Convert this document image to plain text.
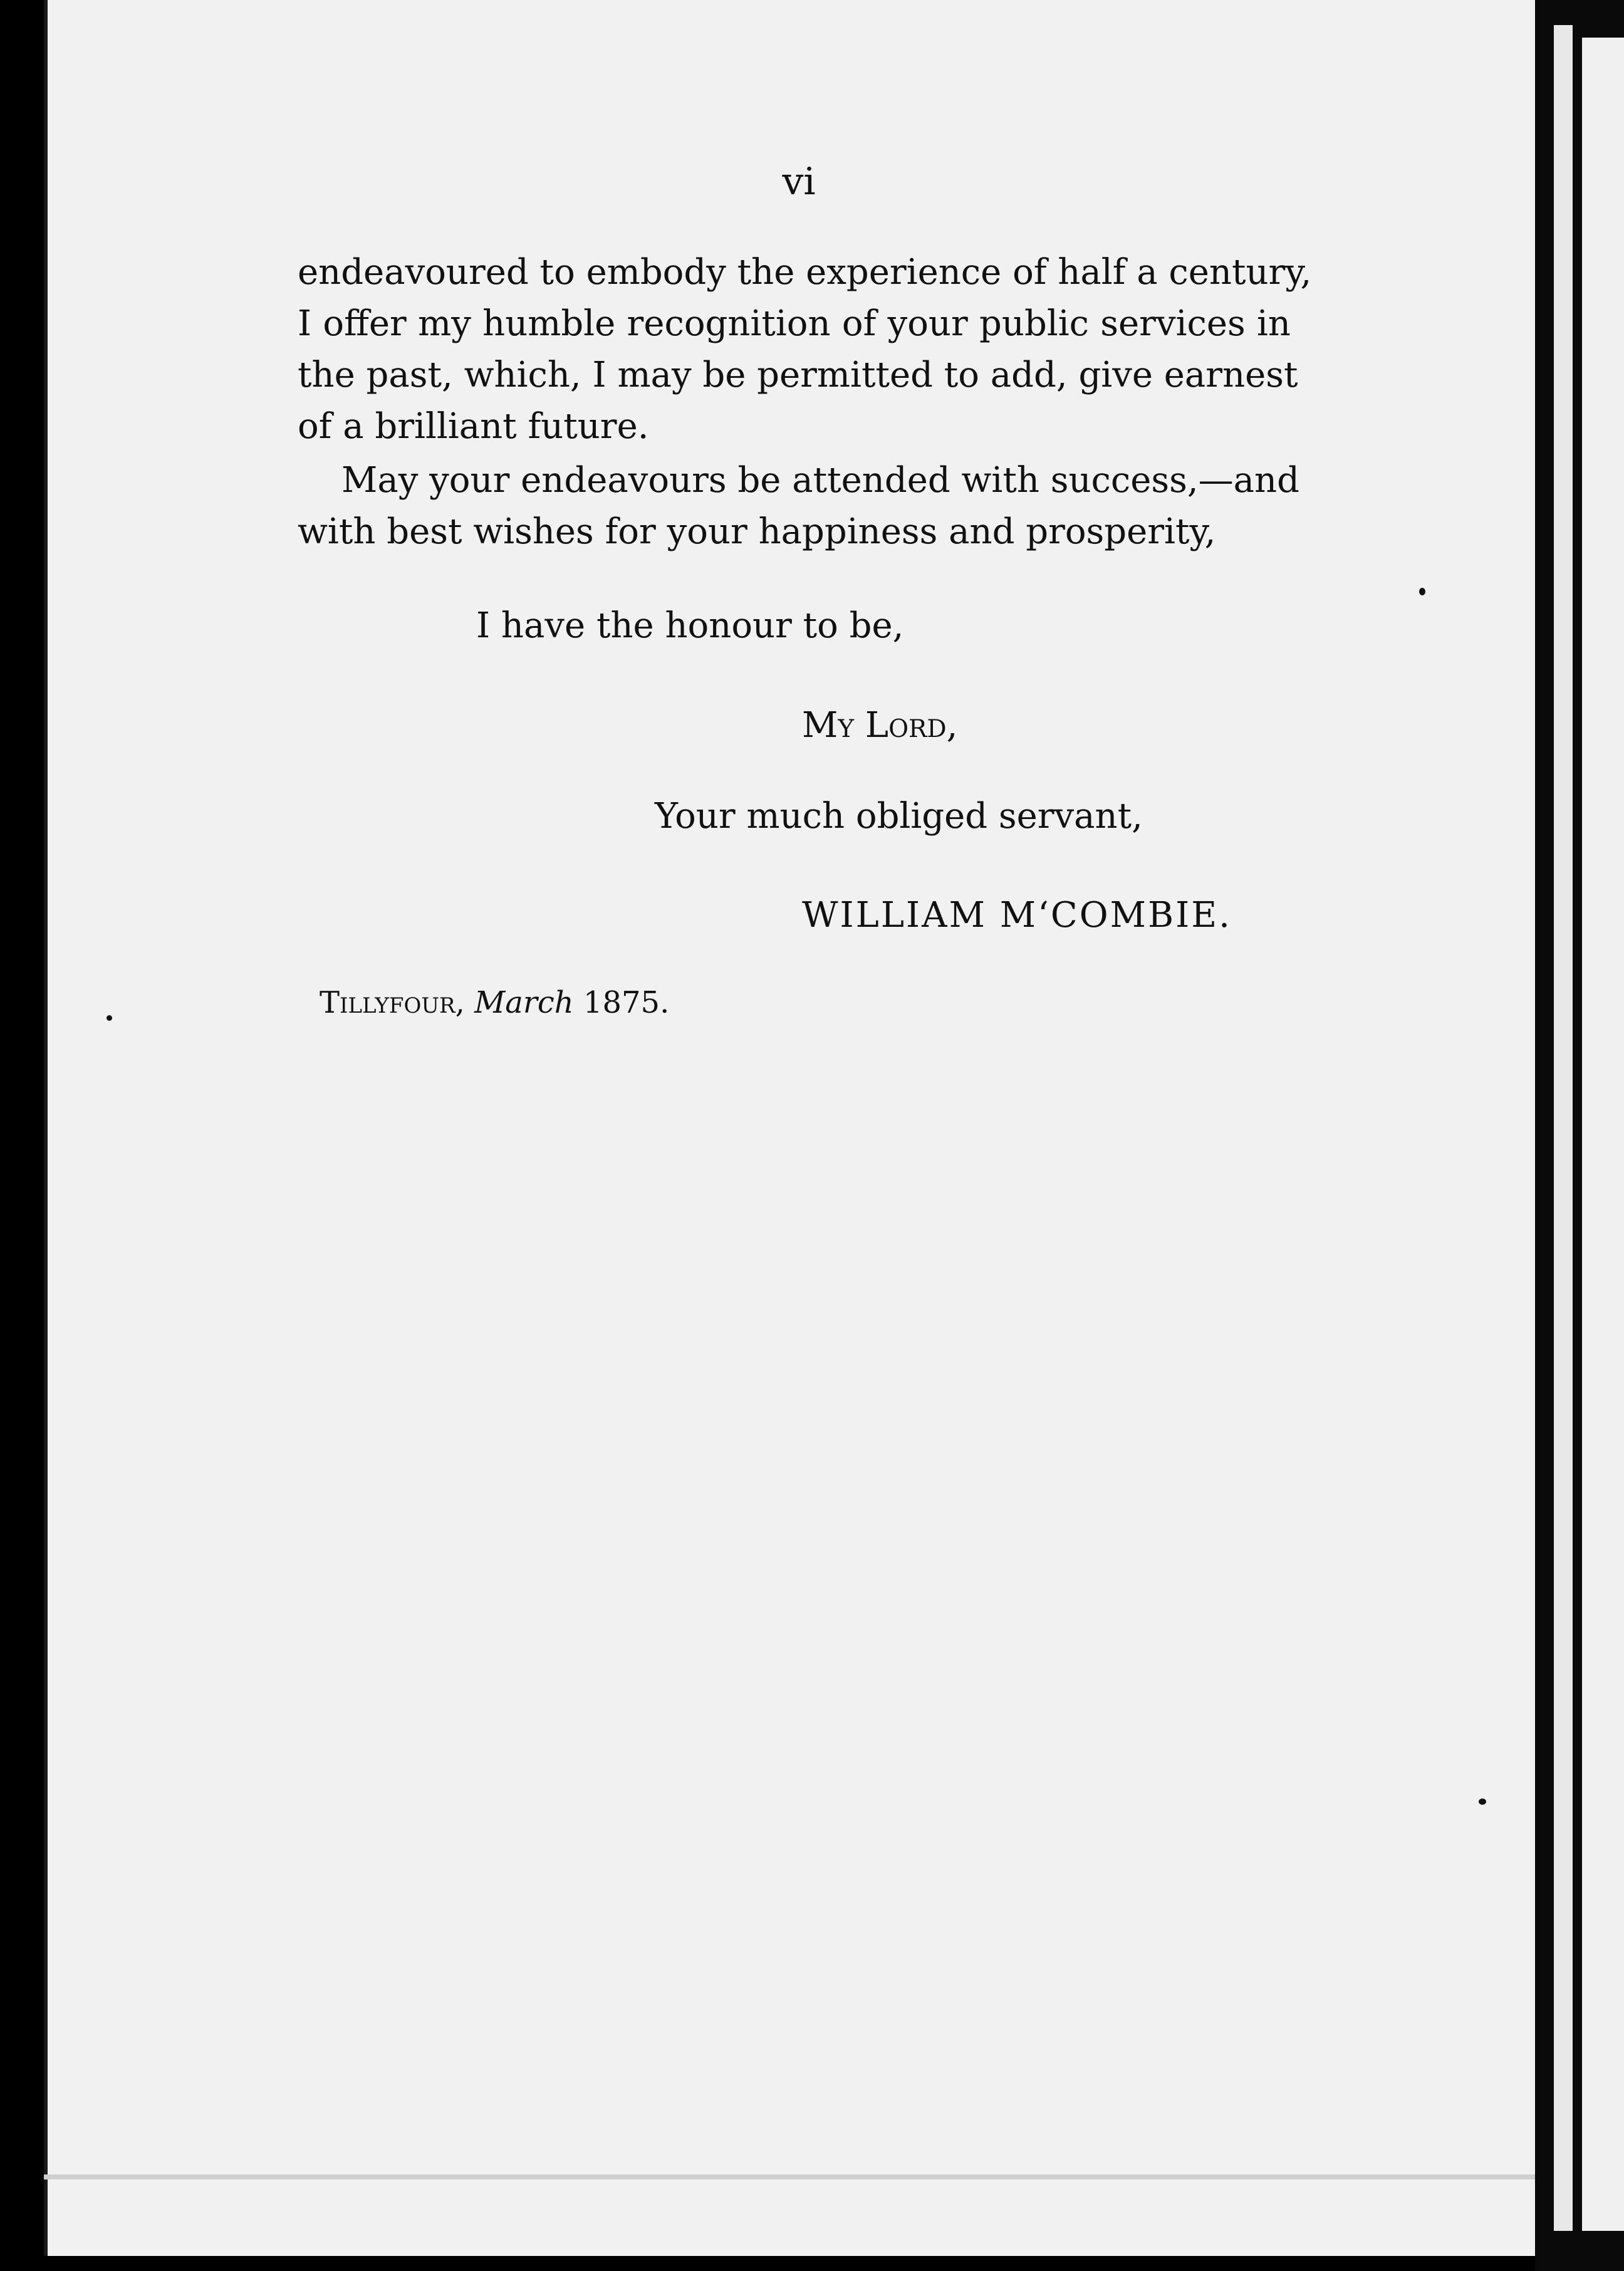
vi
endeavoured to embody the experience of half a century,
I offer my humble recognition of your public services in
the past, which, I may be permitted to add, give earnest
of a brilliant future.
May your endeavours be attended with success,—and
with best wishes for your happiness and prosperity,
I have the honour to be,
My Lord,
Your much obliged servant,
WILLIAM M‘COMBIE.
Tillyfour, March 1875.
